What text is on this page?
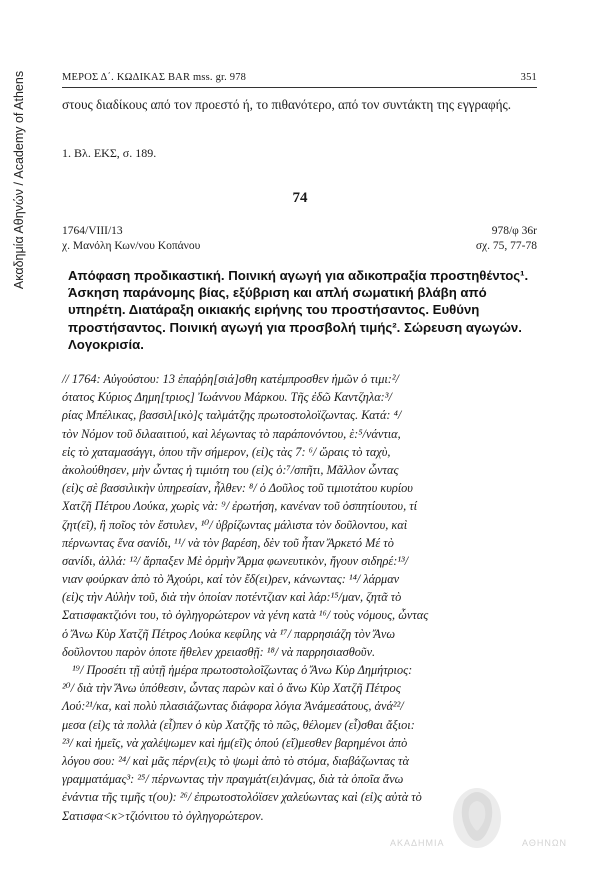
Ακαδημία Αθηνών / Academy of Athens	ΜΕΡΟΣ Δ΄. ΚΩΔΙΚΑΣ BAR mss. gr. 978	351
στους διαδίκους από τον προεστό ή, το πιθανότερο, από τον συντάκτη της εγγραφής.
1. Βλ. ΕΚΣ, σ. 189.
74
1764/VIII/13	978/φ 36r
χ. Μανόλη Κων/νου Κοπάνου	σχ. 75, 77-78
Απόφαση προδικαστική. Ποινική αγωγή για αδικοπραξία προστηθέντος¹. Άσκηση παράνομης βίας, εξύβριση και απλή σωματική βλάβη από υπηρέτη. Διατάραξη οικιακής ειρήνης του προστήσαντος. Ευθύνη προστήσαντος. Ποινική αγωγή για προσβολή τιμής². Σώρευση αγωγών. Λογοκρισία.
// 1764: Αὐγούστου: 13 ἐπαῤῥη[σιά]σθη κατέμπροσθεν ἡμῶν ὁ τιμι:²/
ότατος Κύριος Δημη[τριος] Ἰωάννου Μάρκου. Τῆς ἐδῶ Καντζηλα:³/
ρίας Μπέλικας, βασσιλ[ικὸ]ς ταλμάτζης πρωτοστολοϊζωντας. Κατά: ⁴/
τὸν Νόμον τοῦ διλααιτιού, καὶ λέγωντας τὸ παράπονόντου, ὲ:⁵/νάντια,
εἰς τὸ χαταμασάγγι, ὁπου τῆν σήμερον, (εἰ)ς τὰς 7: ⁶/ ὥραις τὸ ταχὺ,
ἀκολούθησεν, μὴν ὦντας ἡ τιμιότη του (εἰ)ς ὁ:⁷/σπῆτι, Μᾶλλον ὦντας
(εἰ)ς σὲ βασσιλικὴν ὑπηρεσίαν, ἦλθεν: ⁸/ ὁ Δοῦλος τοῦ τιμιοτάτου κυρίου
Χατζῆ Πέτρου Λούκα, χωρὶς νὰ: ⁹/ ἐρωτήση, κανέναν τοῦ ὀσπητίουτου, τί
ζητ(εῖ), ἢ ποῖος τὸν ἔστυλεν, ¹⁰/ ὑβρίζωντας μάλιστα τὸν δοῦλοντου, καὶ
πέρνωντας ἕνα σανίδι, ¹¹/ νὰ τὸν βαρέση, δὲν τοῦ ἦταν Ἄρκετό Μέ τὸ
σανίδι, ἀλλά: ¹²/ ἄρπαξεν Μὲ ὀρμὴν Ἄρμα φωνευτικὸν, ἤγουν σιδηρέ:¹³/
νιαν φούρκαν ἀπὸ τὸ Ἀχούρι, καί τὸν ἔδ(ει)ρεν, κάνωντας: ¹⁴/ λάρμαν
(εἰ)ς τὴν Αὐλὴν τοῦ, διὰ τὴν ὁποίαν ποτέντζιαν καὶ λάρ:¹⁵/μαν, ζητᾶ τὸ
Σατισφακτζιόνι του, τὸ ὀγληγορώτερον νὰ γένη κατὰ ¹⁶/ τοὺς νόμους, ὦντας
ὁ Ἄνω Κὺρ Χατζῆ Πέτρος Λούκα κεφίλης νὰ ¹⁷/ παρρησιάζη τὸν Ἄνω
δοῦλοντου παρὸν ὁποτε ἤθελεν χρειασθῇ: ¹⁸/ νὰ παρρησιασθοῦν.
¹⁹/ Προσέτι τῇ αὐτῇ ἡμέρα πρωτοστολοῖζωντας ὁ Ἄνω Κὺρ Δημήτριος:
²⁰/ διὰ τὴν Ἄνω ὑπόθεσιν, ὦντας παρὼν καὶ ὁ ἄνω Κὺρ Χατζῆ Πέτρος
Λού:²¹/κα, καὶ πολὺ πλασιάζωντας διάφορα λόγια Ἀνάμεσάτους, ἀνά²²/
μεσα (εἰ)ς τὰ πολλὰ (εἶ)πεν ὁ κὺρ Χατζῆς τὸ πῶς, θέλομεν (εἶ)σθαι ἄξιοι:
²³/ καὶ ἡμεῖς, νὰ χαλέψωμεν καὶ ἡμ(εῖ)ς ὁπού (εἴ)μεσθεν βαρημένοι ἀπὸ
λόγου σου: ²⁴/ καὶ μᾶς πέρν(ει)ς τὸ ψωμὶ ἀπὸ τὸ στόμα, διαβάζωντας τὰ
γραμματάμας³: ²⁵/ πέρνωντας τὴν πραγμάτ(ει)άνμας, διὰ τὰ ὁποῖα ἄνω
ἐνάντια τῆς τιμῆς τ(ου): ²⁶/ ἐπρωτοστολόϊσεν χαλεύωντας καὶ (εἰ)ς αὐτὰ τὸ
Σατισφα<κ>τζιόνιτου τὸ ὀγληγορώτερον.
ΑΚΑΔΗΜΙΑ	ΑΘΗΝΩΝ
